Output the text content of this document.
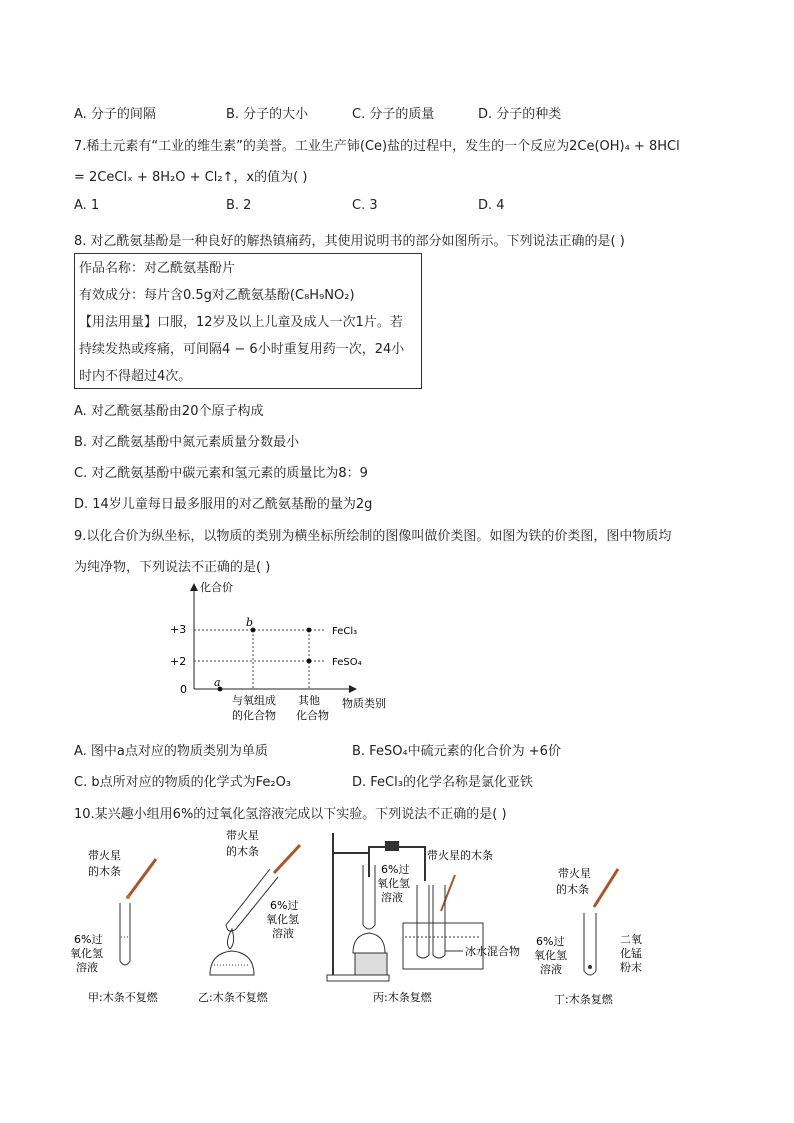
A. 分子的间隔	B. 分子的大小	C. 分子的质量	D. 分子的种类
7.稀土元素有“工业的维生素”的美誉。工业生产铈(Ce)盐的过程中，发生的一个反应为2Ce(OH)₄ + 8HCl
= 2CeClₓ + 8H₂O + Cl₂↑，x的值为( )
A. 1	B. 2	C. 3	D. 4
8. 对乙酰氨基酚是一种良好的解热镇痛药，其使用说明书的部分如图所示。下列说法正确的是( )
作品名称：对乙酰氨基酚片
有效成分：每片含0.5g对乙酰氨基酚(C₈H₉NO₂)
【用法用量】口服，12岁及以上儿童及成人一次1片。若
持续发热或疼痛，可间隔4 − 6小时重复用药一次，24小
时内不得超过4次。
A. 对乙酰氨基酚由20个原子构成
B. 对乙酰氨基酚中氮元素质量分数最小
C. 对乙酰氨基酚中碳元素和氢元素的质量比为8：9
D. 14岁儿童每日最多服用的对乙酰氨基酚的量为2g
9.以化合价为纵坐标，以物质的类别为横坐标所绘制的图像叫做价类图。如图为铁的价类图，图中物质均
为纯净物，下列说法不正确的是( )
化合价
物质类别
+3
+2
0
a
b
FeCl₃
FeSO₄
与氧组成
的化合物
其他
化合物
A. 图中a点对应的物质类别为单质	B. FeSO₄中硫元素的化合价为 +6价
C. b点所对应的物质的化学式为Fe₂O₃	D. FeCl₃的化学名称是氯化亚铁
10.某兴趣小组用6%的过氧化氢溶液完成以下实验。下列说法不正确的是( )
带火星
的木条
6%过
氧化氢
溶液
甲:木条不复燃
带火星
的木条
6%过
氧化氢
溶液
乙:木条不复燃
6%过
氧化氢
溶液
带火星的木条
冰水混合物
丙:木条复燃
带火星
的木条
6%过
氧化氢
溶液
二氧
化锰
粉末
丁:木条复燃
